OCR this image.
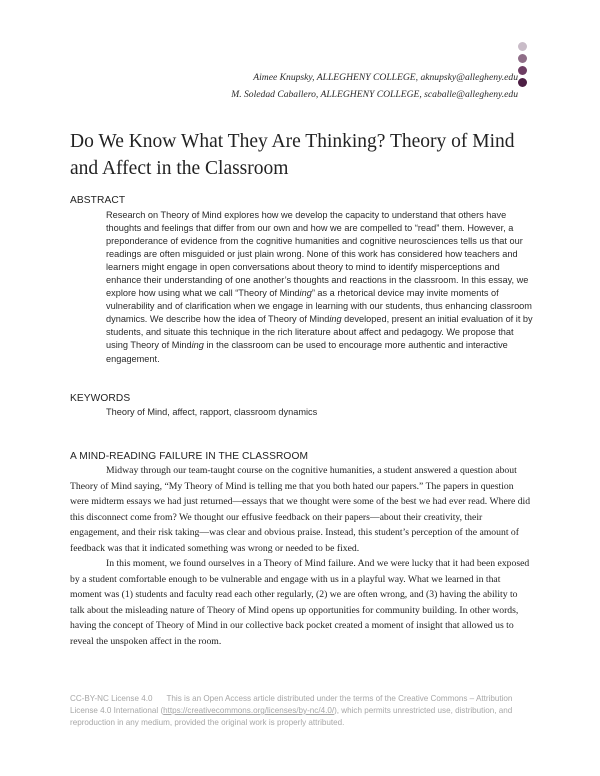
Aimee Knupsky, ALLEGHENY COLLEGE, aknupsky@allegheny.edu
M. Soledad Caballero, ALLEGHENY COLLEGE, scaballe@allegheny.edu
Do We Know What They Are Thinking? Theory of Mind and Affect in the Classroom
ABSTRACT

Research on Theory of Mind explores how we develop the capacity to understand that others have thoughts and feelings that differ from our own and how we are compelled to “read” them. However, a preponderance of evidence from the cognitive humanities and cognitive neurosciences tells us that our readings are often misguided or just plain wrong. None of this work has considered how teachers and learners might engage in open conversations about theory to mind to identify misperceptions and enhance their understanding of one another’s thoughts and reactions in the classroom. In this essay, we explore how using what we call “Theory of Minding” as a rhetorical device may invite moments of vulnerability and of clarification when we engage in learning with our students, thus enhancing classroom dynamics. We describe how the idea of Theory of Minding developed, present an initial evaluation of it by students, and situate this technique in the rich literature about affect and pedagogy. We propose that using Theory of Minding in the classroom can be used to encourage more authentic and interactive engagement.

KEYWORDS

Theory of Mind, affect, rapport, classroom dynamics

A MIND-READING FAILURE IN THE CLASSROOM

Midway through our team-taught course on the cognitive humanities, a student answered a question about Theory of Mind saying, “My Theory of Mind is telling me that you both hated our papers.” The papers in question were midterm essays we had just returned—essays that we thought were some of the best we had ever read. Where did this disconnect come from? We thought our effusive feedback on their papers—about their creativity, their engagement, and their risk taking—was clear and obvious praise. Instead, this student’s perception of the amount of feedback was that it indicated something was wrong or needed to be fixed.

In this moment, we found ourselves in a Theory of Mind failure. And we were lucky that it had been exposed by a student comfortable enough to be vulnerable and engage with us in a playful way. What we learned in that moment was (1) students and faculty read each other regularly, (2) we are often wrong, and (3) having the ability to talk about the misleading nature of Theory of Mind opens up opportunities for community building. In other words, having the concept of Theory of Mind in our collective back pocket created a moment of insight that allowed us to reveal the unspoken affect in the room.

CC-BY-NC License 4.0 This is an Open Access article distributed under the terms of the Creative Commons – Attribution License 4.0 International (https://creativecommons.org/licenses/by-nc/4.0/), which permits unrestricted use, distribution, and reproduction in any medium, provided the original work is properly attributed.
